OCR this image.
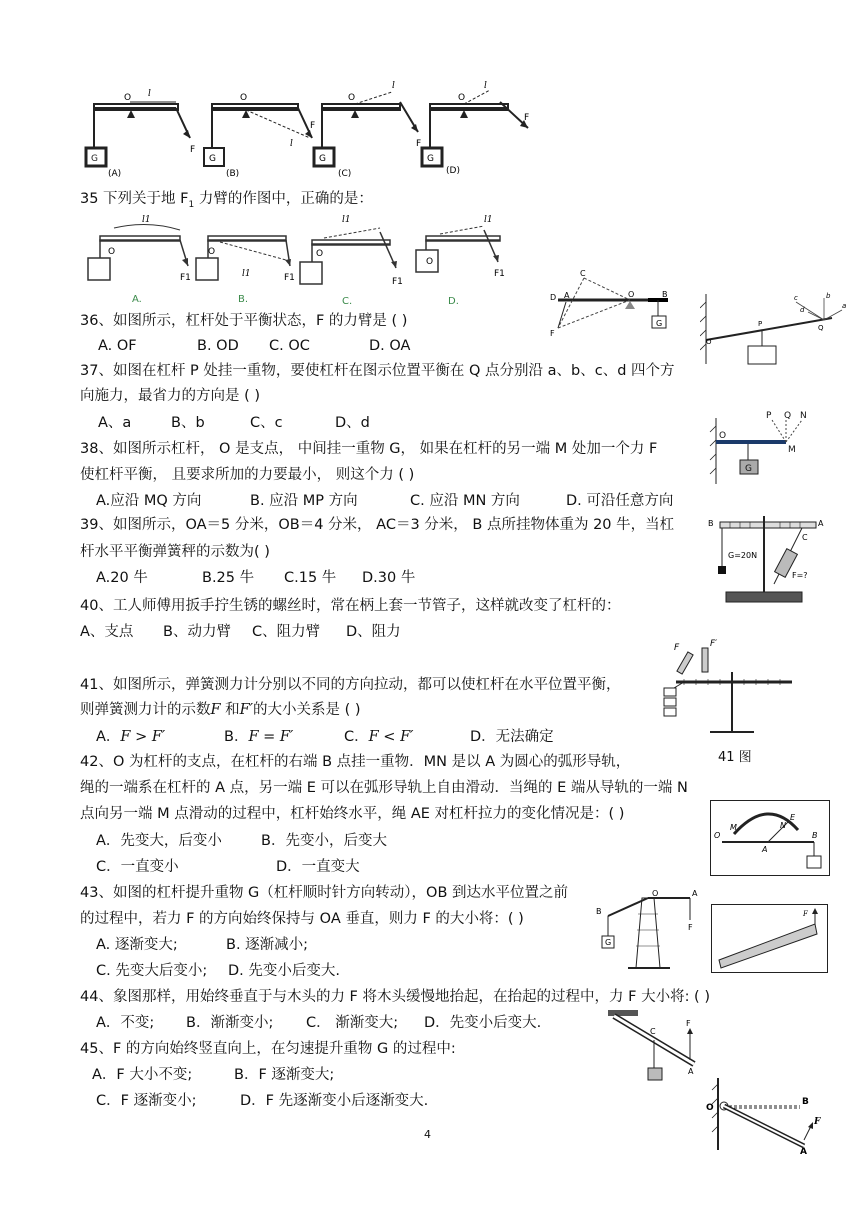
O l
F
G
O
l
F
G
O
l
F
G
O
l
F
G
(A)	(B)	(C)	(D)
35 下列关于地 $F_1$ 力臂的作图中，正确的是：
O
l1
F1
O
l1	F1
O
l1
F1
O
l1
F1
A.	B.	C.	D.
C
D A	O	B
F
G
c	b
a
d
P	Q
O
36、如图所示，杠杆处于平衡状态，F 的力臂是 ( )
A. OF	B. OD C. OC	D. OA
37、如图在杠杆 P 处挂一重物，要使杠杆在图示位置平衡在 Q 点分别沿 a、b、c、d 四个方
向施力，最省力的方向是 ( )
A、a	B、b	C、c	D、d	P Q N
O
M
G
38、如图所示杠杆， O 是支点， 中间挂一重物 G， 如果在杠杆的另一端 M 处加一个力 F
使杠杆平衡， 且要求所加的力要最小， 则这个力 ( )
A.应沿 MQ 方向	B. 应沿 MP 方向	C. 应沿 MN 方向	D. 可沿任意方向
B	A
C
G=20N
F=?
39、如图所示，OA＝5 分米，OB＝4 分米， AC＝3 分米， B 点所挂物体重为 20 牛，当杠
杆水平平衡弹簧秤的示数为( )
A.20 牛	B.25 牛 C.15 牛 D.30 牛
40、工人师傅用扳手拧生锈的螺丝时，常在柄上套一节管子，这样就改变了杠杆的：
A、支点 B、动力臂 C、阻力臂 D、阻力
F	F′
41 图
41、如图所示，弹簧测力计分别以不同的方向拉动，都可以使杠杆在水平位置平衡，
则弹簧测力计的示数F 和F′的大小关系是 ( )
A．F > F′	B．F = F′	C．F < F′	D．无法确定
42、O 为杠杆的支点，在杠杆的右端 B 点挂一重物．MN 是以 A 为圆心的弧形导轨，
绳的一端系在杠杆的 A 点，另一端 E 可以在弧形导轨上自由滑动．当绳的 E 端从导轨的一端 N
点向另一端 M 点滑动的过程中，杠杆始终水平，绳 AE 对杠杆拉力的变化情况是：( )
A．先变大，后变小	B．先变小，后变大
C．一直变小	D．一直变大
M	N
E
O
A
B
43、如图的杠杆提升重物 G（杠杆顺时针方向转动），OB 到达水平位置之前
的过程中，若力 F 的方向始终保持与 OA 垂直，则力 F 的大小将：( )
A. 逐渐变大;	B. 逐渐减小;
C. 先变大后变小; D. 先变小后变大.
B
O	A
F
G
F
44、象图那样，用始终垂直于与木头的力 F 将木头缓慢地抬起，在抬起的过程中，力 F 大小将: ( )
A．不变; B．渐渐变小; C． 渐渐变大; D．先变小后变大.
C
F
A
O
B
F
A
45、F 的方向始终竖直向上，在匀速提升重物 G 的过程中:
A．F 大小不变;	B．F 逐渐变大;
C．F 逐渐变小;	D．F 先逐渐变小后逐渐变大.
4
